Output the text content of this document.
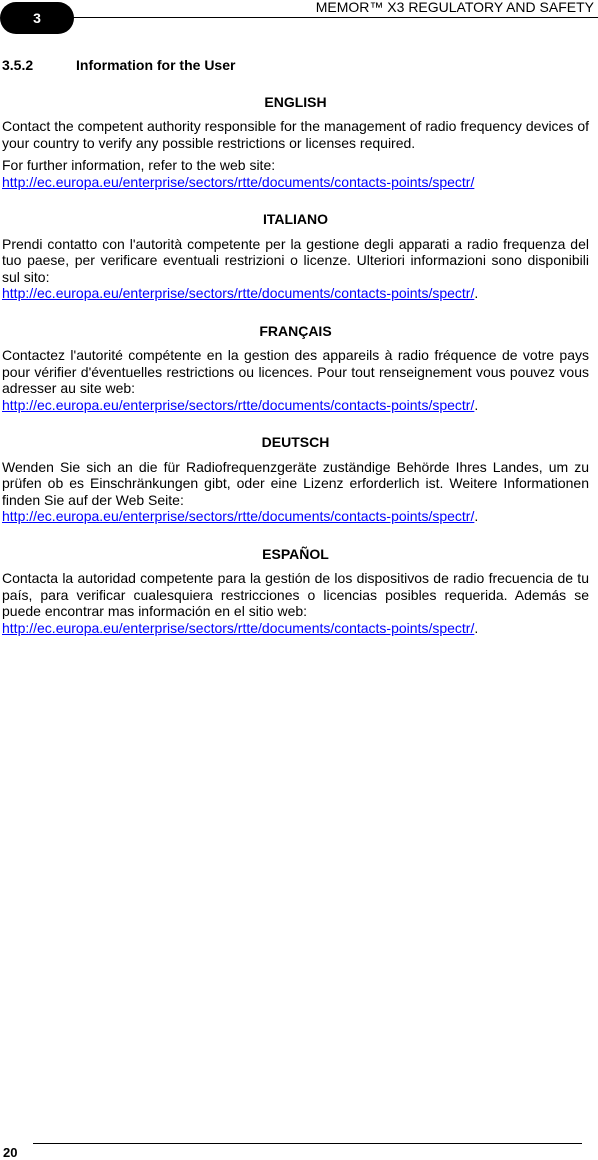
3
MEMOR™ X3 REGULATORY AND SAFETY
3.5.2	Information for the User
ENGLISH

Contact the competent authority responsible for the management of radio frequency devices of your country to verify any possible restrictions or licenses required.

For further information, refer to the web site:
http://ec.europa.eu/enterprise/sectors/rtte/documents/contacts-points/spectr/

ITALIANO

Prendi contatto con l'autorità competente per la gestione degli apparati a radio frequenza del tuo paese, per verificare eventuali restrizioni o licenze. Ulteriori informazioni sono disponibili sul sito:
http://ec.europa.eu/enterprise/sectors/rtte/documents/contacts-points/spectr/.

FRANÇAIS

Contactez l'autorité compétente en la gestion des appareils à radio fréquence de votre pays pour vérifier d'éventuelles restrictions ou licences. Pour tout renseignement vous pouvez vous adresser au site web:
http://ec.europa.eu/enterprise/sectors/rtte/documents/contacts-points/spectr/.

DEUTSCH

Wenden Sie sich an die für Radiofrequenzgeräte zuständige Behörde Ihres Landes, um zu prüfen ob es Einschränkungen gibt, oder eine Lizenz erforderlich ist. Weitere Informationen finden Sie auf der Web Seite:
http://ec.europa.eu/enterprise/sectors/rtte/documents/contacts-points/spectr/.

ESPAÑOL

Contacta la autoridad competente para la gestión de los dispositivos de radio frecuencia de tu país, para verificar cualesquiera restricciones o licencias posibles requerida. Además se puede encontrar mas información en el sitio web:
http://ec.europa.eu/enterprise/sectors/rtte/documents/contacts-points/spectr/.

20
